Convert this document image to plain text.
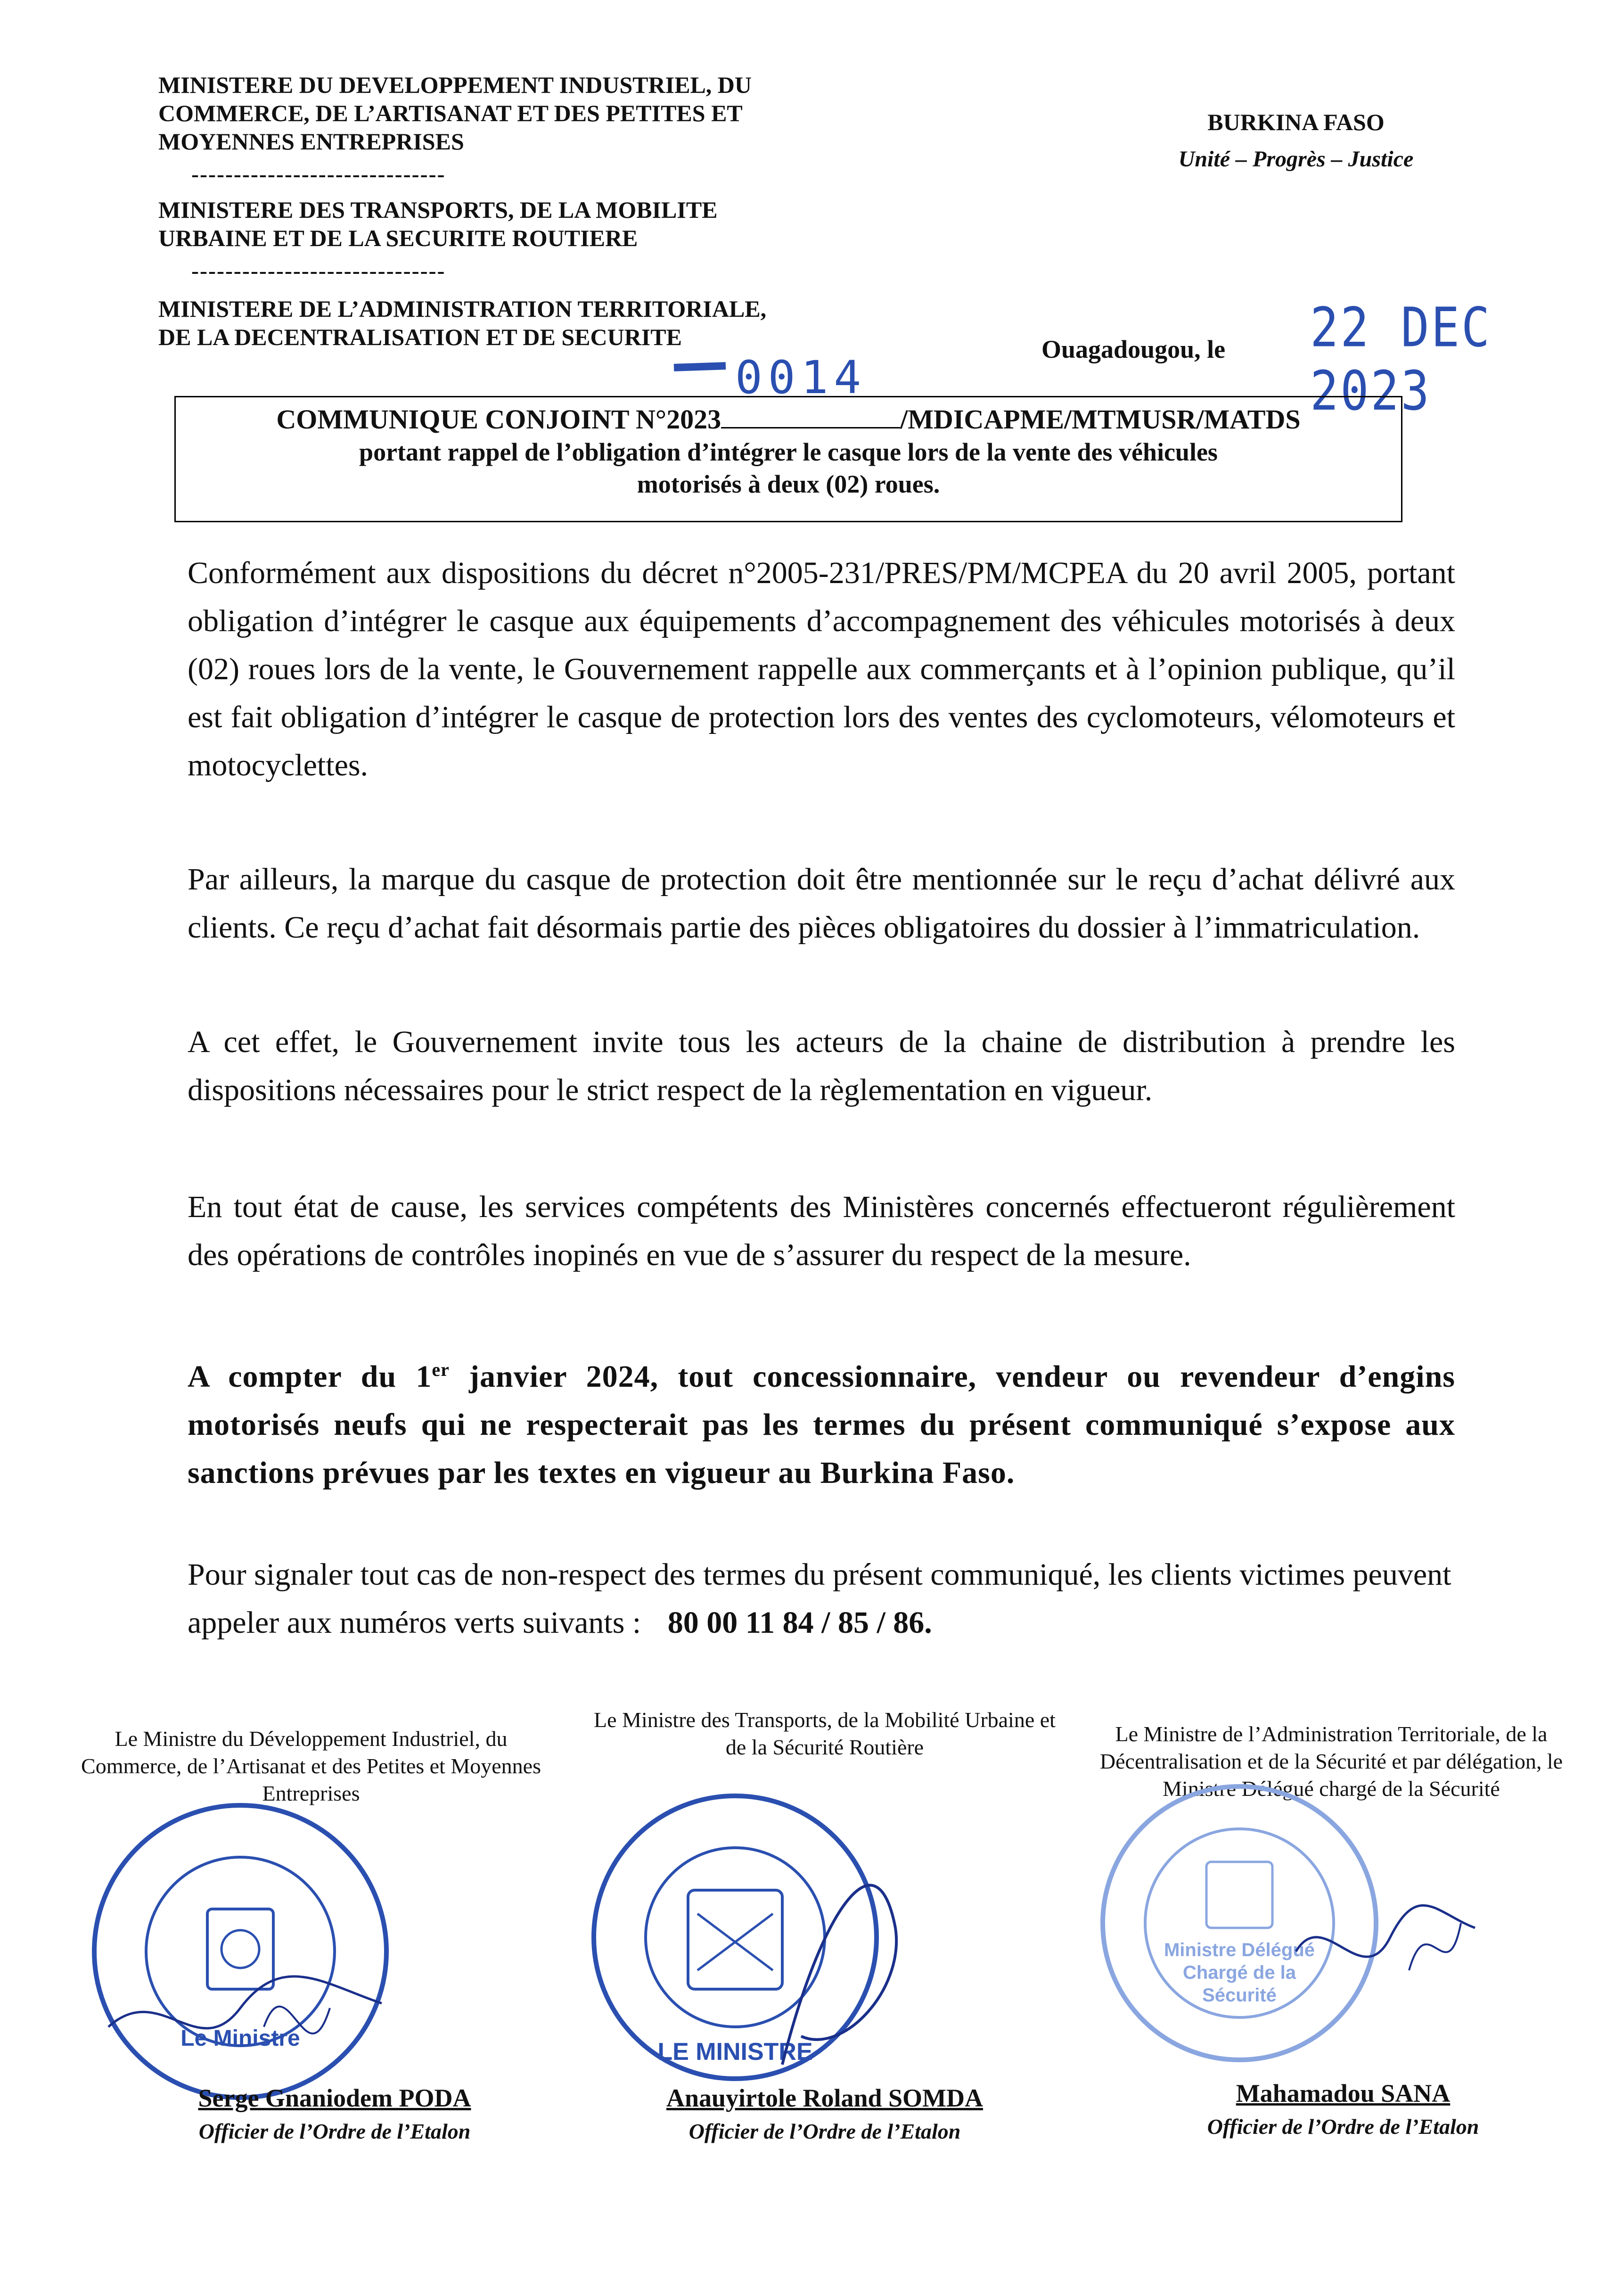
MINISTERE DU DEVELOPPEMENT INDUSTRIEL, DU
COMMERCE, DE L’ARTISANAT ET DES PETITES ET
MOYENNES ENTREPRISES
------------------------------
MINISTERE DES TRANSPORTS, DE LA MOBILITE
URBAINE ET DE LA SECURITE ROUTIERE
------------------------------
MINISTERE DE L’ADMINISTRATION TERRITORIALE,
DE LA DECENTRALISATION ET DE SECURITE
BURKINA FASO
Unité – Progrès – Justice
Ouagadougou, le 22 DEC 2023
0014
COMMUNIQUE CONJOINT N°2023	/MDICAPME/MTMUSR/MATDS
portant rappel de l’obligation d’intégrer le casque lors de la vente des véhicules
motorisés à deux (02) roues.
Conformément aux dispositions du décret n°2005-231/PRES/PM/MCPEA du 20 avril 2005, portant obligation d’intégrer le casque aux équipements d’accompagnement des véhicules motorisés à deux (02) roues lors de la vente, le Gouvernement rappelle aux commerçants et à l’opinion publique, qu’il est fait obligation d’intégrer le casque de protection lors des ventes des cyclomoteurs, vélomoteurs et motocyclettes.
Par ailleurs, la marque du casque de protection doit être mentionnée sur le reçu d’achat délivré aux clients. Ce reçu d’achat fait désormais partie des pièces obligatoires du dossier à l’immatriculation.
A cet effet, le Gouvernement invite tous les acteurs de la chaine de distribution à prendre les dispositions nécessaires pour le strict respect de la règlementation en vigueur.
En tout état de cause, les services compétents des Ministères concernés effectueront régulièrement des opérations de contrôles inopinés en vue de s’assurer du respect de la mesure.
A compter du 1er janvier 2024, tout concessionnaire, vendeur ou revendeur d’engins motorisés neufs qui ne respecterait pas les termes du présent communiqué s’expose aux sanctions prévues par les textes en vigueur au Burkina Faso.
Pour signaler tout cas de non-respect des termes du présent communiqué, les clients victimes peuvent appeler aux numéros verts suivants : 80 00 11 84 / 85 / 86.
Le Ministre du Développement Industriel, du Commerce, de l’Artisanat et des Petites et Moyennes Entreprises
Le Ministre
Serge Gnaniodem PODA
Officier de l’Ordre de l’Etalon
Le Ministre des Transports, de la Mobilité Urbaine et de la Sécurité Routière
LE MINISTRE
Anauyirtole Roland SOMDA
Officier de l’Ordre de l’Etalon
Le Ministre de l’Administration Territoriale, de la Décentralisation et de la Sécurité et par délégation, le Ministre Délégué chargé de la Sécurité
Ministre Délégué
Chargé de la
Sécurité
Mahamadou SANA
Officier de l’Ordre de l’Etalon
